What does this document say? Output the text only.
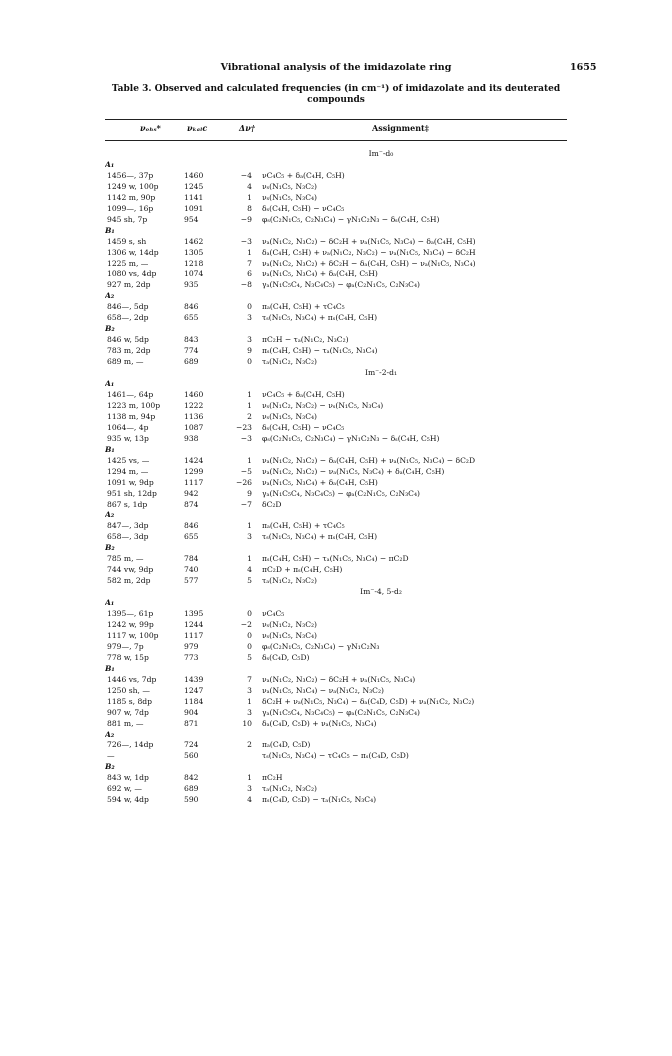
Vibrational analysis of the imidazolate ring	1655
Table 3. Observed and calculated frequencies (in cm⁻¹) of imidazolate and its deuterated
compounds
νₒₕₛ*	νₖₐₗc	Δν†	Assignment‡
Im⁻-d₀			
A₁			
1456—, 37p	1460	−4	νC₄C₅ + δₐ(C₄H, C₅H)
1249 w, 100p	1245	4	νₛ(N₁C₅, N₃C₂)
1142 m, 90p	1141	1	νₛ(N₁C₅, N₃C₄)
1099—, 16p	1091	8	δₛ(C₄H, C₅H) − νC₄C₅
945 sh, 7p	954	−9	φₛ(C₂N₁C₅, C₂N₃C₄) − γN₁C₂N₃ − δₛ(C₄H, C₅H)
B₁			
1459 s, sh	1462	−3	νₐ(N₁C₂, N₃C₂) − δC₂H + νₐ(N₁C₅, N₃C₄) − δₐ(C₄H, C₅H)
1306 w, 14dp	1305	1	δₐ(C₄H, C₅H) + νₐ(N₁C₂, N₃C₂) − νₐ(N₁C₅, N₃C₄) − δC₂H
1225 m, —	1218	7	νₐ(N₁C₂, N₃C₂) + δC₂H − δₐ(C₄H, C₅H) − νₐ(N₁C₅, N₃C₄)
1080 vs, 4dp	1074	6	νₐ(N₁C₅, N₃C₄) + δₐ(C₄H, C₅H)
927 m, 2dp	935	−8	γₐ(N₁C₅C₄, N₃C₄C₅) − φₐ(C₂N₁C₅, C₂N₃C₄)
A₂			
846—, 5dp	846	0	πₐ(C₄H, C₅H) + τC₄C₅
658—, 2dp	655	3	τₛ(N₁C₅, N₃C₄) + πₛ(C₄H, C₅H)
B₂			
846 w, 5dp	843	3	πC₂H − τₐ(N₁C₂, N₃C₂)
783 m, 2dp	774	9	πₛ(C₄H, C₅H) − τₐ(N₁C₅, N₃C₄)
689 m, —	689	0	τₐ(N₁C₂, N₃C₂)
Im⁻-2-d₁			
A₁			
1461—, 64p	1460	1	νC₄C₅ + δₐ(C₄H, C₅H)
1223 m, 100p	1222	1	νₛ(N₁C₂, N₃C₂) − νₛ(N₁C₅, N₃C₄)
1138 m, 94p	1136	2	νₛ(N₁C₅, N₃C₄)
1064—, 4p	1087	−23	δₛ(C₄H, C₅H) − νC₄C₅
935 w, 13p	938	−3	φₛ(C₂N₁C₅, C₂N₃C₄) − γN₁C₂N₃ − δₛ(C₄H, C₅H)
B₁			
1425 vs, —	1424	1	νₐ(N₁C₂, N₃C₂) − δₐ(C₄H, C₅H) + νₐ(N₁C₅, N₃C₄) − δC₂D
1294 m, —	1299	−5	νₐ(N₁C₂, N₃C₂) − νₐ(N₁C₅, N₃C₄) + δₐ(C₄H, C₅H)
1091 w, 9dp	1117	−26	νₐ(N₁C₅, N₃C₄) + δₐ(C₄H, C₅H)
951 sh, 12dp	942	9	γₐ(N₁C₅C₄, N₃C₄C₅) − φₐ(C₂N₁C₅, C₂N₃C₄)
867 s, 1dp	874	−7	δC₂D
A₂			
847—, 3dp	846	1	πₐ(C₄H, C₅H) + τC₄C₅
658—, 3dp	655	3	τₛ(N₁C₅, N₃C₄) + πₛ(C₄H, C₅H)
B₂			
785 m, —	784	1	πₛ(C₄H, C₅H) − τₐ(N₁C₅, N₃C₄) − πC₂D
744 vw, 9dp	740	4	πC₂D + πₛ(C₄H, C₅H)
582 m, 2dp	577	5	τₐ(N₁C₂, N₃C₂)
Im⁻-4, 5-d₂			
A₁			
1395—, 61p	1395	0	νC₄C₅
1242 w, 99p	1244	−2	νₛ(N₁C₂, N₃C₂)
1117 w, 100p	1117	0	νₛ(N₁C₅, N₃C₄)
979—, 7p	979	0	φₛ(C₂N₁C₅, C₂N₃C₄) − γN₁C₂N₃
778 w, 15p	773	5	δₛ(C₄D, C₅D)
B₁			
1446 vs, 7dp	1439	7	νₐ(N₁C₂, N₃C₂) − δC₂H + νₐ(N₁C₅, N₃C₄)
1250 sh, —	1247	3	νₐ(N₁C₅, N₃C₄) − νₐ(N₁C₂, N₃C₂)
1185 s, 8dp	1184	1	δC₂H + νₐ(N₁C₅, N₃C₄) − δₐ(C₄D, C₅D) + νₐ(N₁C₂, N₃C₂)
907 w, 7dp	904	3	γₐ(N₁C₅C₄, N₃C₄C₅) − φₐ(C₂N₁C₅, C₂N₃C₄)
881 m, —	871	10	δₐ(C₄D, C₅D) + νₐ(N₁C₅, N₃C₄)
A₂			
726—, 14dp	724	2	πₐ(C₄D, C₅D)
—	560		τₛ(N₁C₅, N₃C₄) − τC₄C₅ − πₛ(C₄D, C₅D)
B₂			
843 w, 1dp	842	1	πC₂H
692 w, —	689	3	τₐ(N₁C₂, N₃C₂)
594 w, 4dp	590	4	πₛ(C₄D, C₅D) − τₐ(N₁C₅, N₃C₄)
